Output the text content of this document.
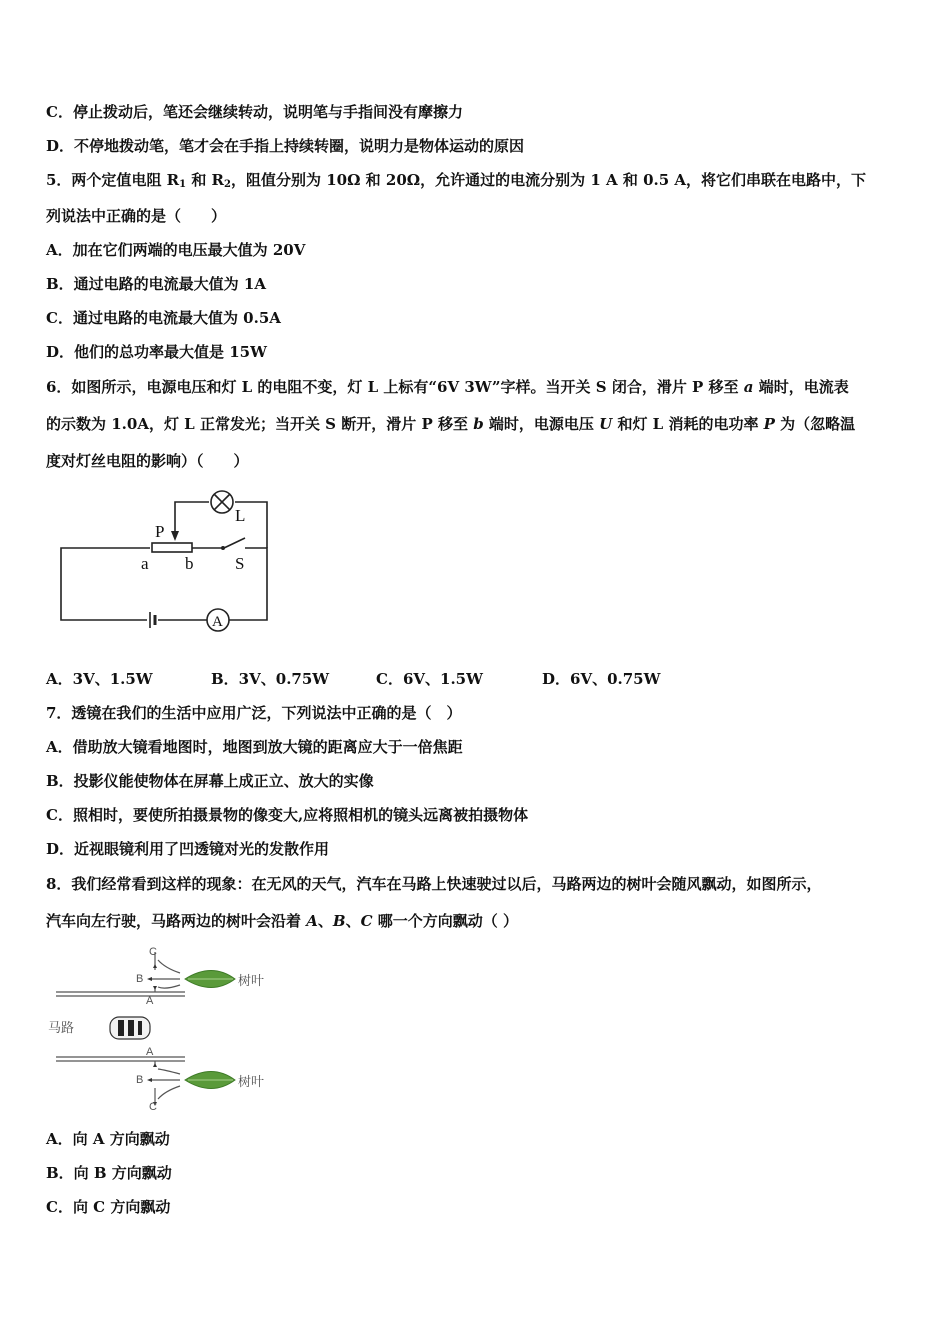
C．停止拨动后，笔还会继续转动，说明笔与手指间没有摩擦力
D．不停地拨动笔，笔才会在手指上持续转圈，说明力是物体运动的原因
5．两个定值电阻 $R_1$ 和 $R_2$，阻值分别为 10Ω 和 20Ω，允许通过的电流分别为 1 A 和 0.5 A，将它们串联在电路中，下
列说法中正确的是（　　）
A．加在它们两端的电压最大值为 20V
B．通过电路的电流最大值为 1A
C．通过电路的电流最大值为 0.5A
D．他们的总功率最大值是 15W
6．如图所示，电源电压和灯 L 的电阻不变，灯 L 上标有“6V 3W”字样。当开关 S 闭合，滑片 P 移至 a 端时，电流表
的示数为 1.0A，灯 L 正常发光；当开关 S 断开，滑片 P 移至 b 端时，电源电压 U 和灯 L 消耗的电功率 P 为（忽略温
度对灯丝电阻的影响）（　　）
P
L
a b S
A
A．3V、1.5W	B．3V、0.75W	C．6V、1.5W	D．6V、0.75W
7．透镜在我们的生活中应用广泛，下列说法中正确的是（　）
A．借助放大镜看地图时，地图到放大镜的距离应大于一倍焦距
B．投影仪能使物体在屏幕上成正立、放大的实像
C．照相时，要使所拍摄景物的像变大,应将照相机的镜头远离被拍摄物体
D．近视眼镜利用了凹透镜对光的发散作用
8．我们经常看到这样的现象：在无风的天气，汽车在马路上快速驶过以后，马路两边的树叶会随风飘动，如图所示，
汽车向左行驶，马路两边的树叶会沿着 A、B、C 哪一个方向飘动（ ）
C
B
A
A
B
C
树叶
树叶
马路
A．向 A 方向飘动
B．向 B 方向飘动
C．向 C 方向飘动
